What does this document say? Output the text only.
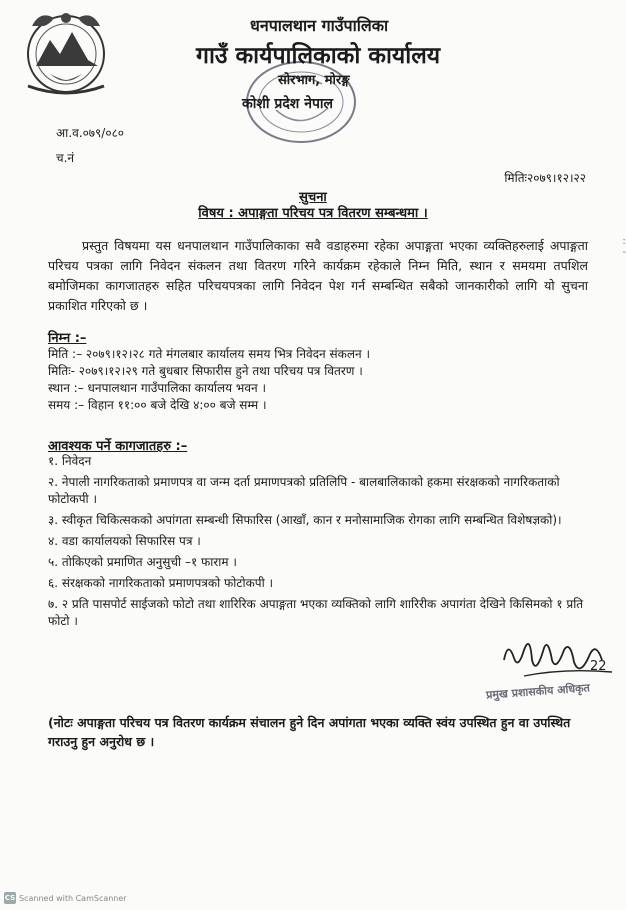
धनपालथान गाउँपालिका
गाउँ कार्यपालिकाको कार्यालय
सोरभाग, मोरङ्ग
कोशी प्रदेश नेपाल
आ.व.०७९/०८०
च.नं
मितिः२०७९।१२।२२
सुचना
विषय : अपाङ्गता परिचय पत्र वितरण सम्बन्धमा ।
प्रस्तुत विषयमा यस धनपालथान गाउँपालिकाका सवै वडाहरुमा रहेका अपाङ्गता भएका व्यक्तिहरुलाई अपाङ्गता परिचय पत्रका लागि निवेदन संकलन तथा वितरण गरिने कार्यक्रम रहेकाले निम्न मिति, स्थान र समयमा तपशिल बमोजिमका कागजातहरु सहित परिचयपत्रका लागि निवेदन पेश गर्न सम्बन्धित सबैको जानकारीको लागि यो सुचना प्रकाशित गरिएको छ ।
:
-
निम्न :–
मिति :– २०७९।१२।२८ गते मंगलबार कार्यालय समय भित्र निवेदन संकलन ।
मितिः- २०७९।१२।२९ गते बुधबार सिफारीस हुने तथा परिचय पत्र वितरण ।
स्थान :– धनपालथान गाउँपालिका कार्यालय भवन ।
समय :– विहान ११:०० बजे देखि ४:०० बजे सम्म ।
आवश्यक पर्ने कागजातहरु :–
१. निवेदन
२. नेपाली नागरिकताको प्रमाणपत्र वा जन्म दर्ता प्रमाणपत्रको प्रतिलिपि - बालबालिकाको हकमा संरक्षकको नागरिकताको फोटोकपी ।
३. स्वीकृत चिकित्सकको अपांगता सम्बन्धी सिफारिस (आखाँ, कान र मनोसामाजिक रोगका लागि सम्बन्धित विशेषज्ञको)।
४. वडा कार्यालयको सिफारिस पत्र ।
५. तोकिएको प्रमाणित अनुसुची –१ फाराम ।
६. संरक्षकको नागरिकताको प्रमाणपत्रको फोटोकपी ।
७. २ प्रति पासपोर्ट साईजको फोटो तथा शारिरिक अपाङ्गता भएका व्यक्तिको लागि शारिरीक अपागंता देखिने किसिमको १ प्रति फोटो ।
22
प्रमुख प्रशासकीय अधिकृत
(नोटः अपाङ्गता परिचय पत्र वितरण कार्यक्रम संचालन हुने दिन अपांगता भएका व्यक्ति स्वंय उपस्थित हुन वा उपस्थित गराउनु हुन अनुरोध छ ।
CS Scanned with CamScanner
